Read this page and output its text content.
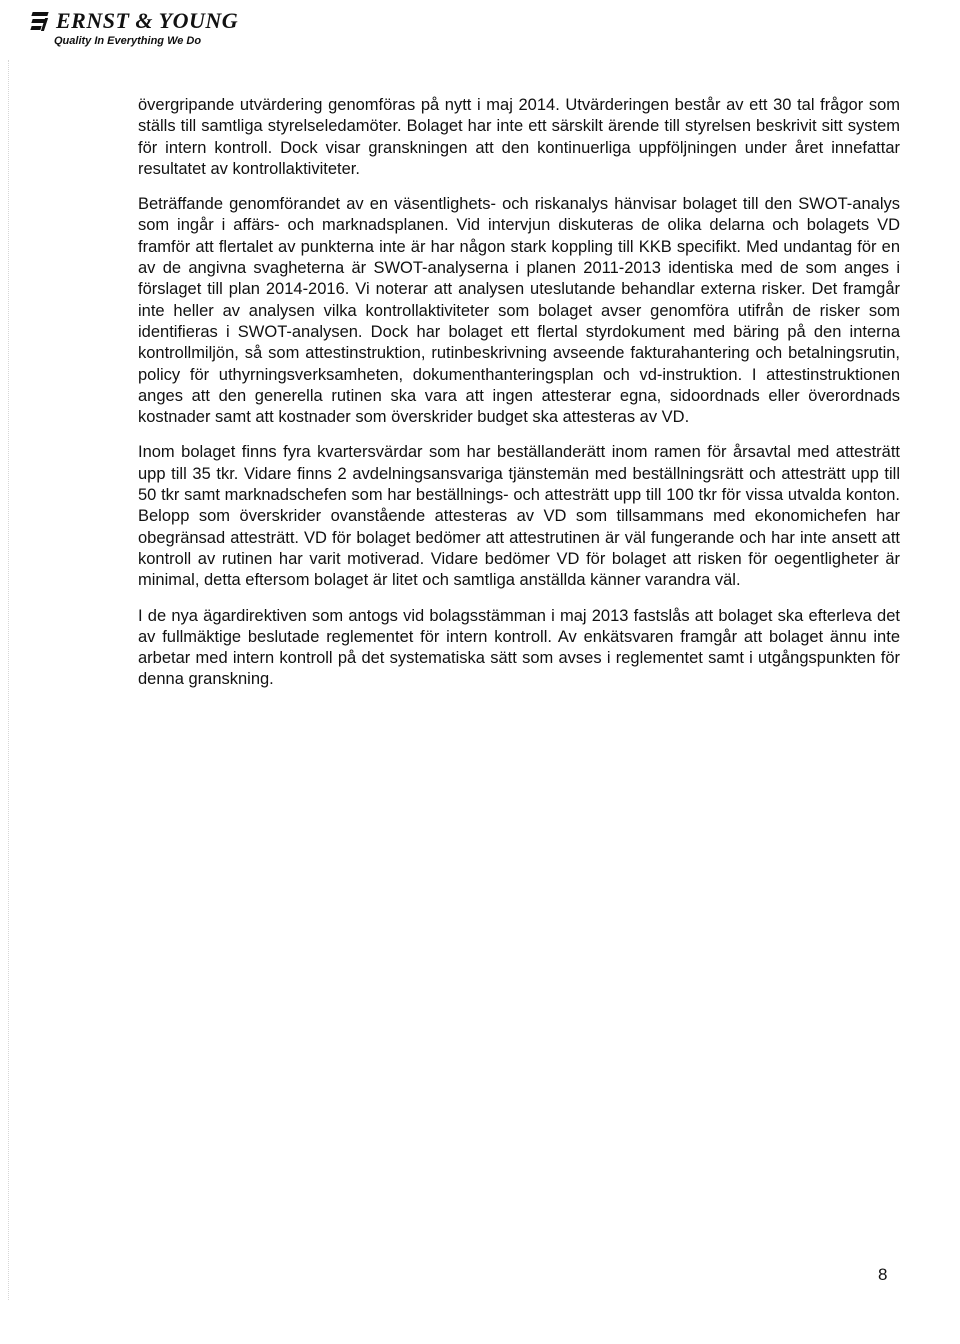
ERNST & YOUNG
Quality In Everything We Do

övergripande utvärdering genomföras på nytt i maj 2014. Utvärderingen består av ett 30 tal frågor som ställs till samtliga styrelseledamöter. Bolaget har inte ett särskilt ärende till styrelsen beskrivit sitt system för intern kontroll. Dock visar granskningen att den kontinuerliga uppföljningen under året innefattar resultatet av kontrollaktiviteter.

Beträffande genomförandet av en väsentlighets- och riskanalys hänvisar bolaget till den SWOT-analys som ingår i affärs- och marknadsplanen. Vid intervjun diskuteras de olika delarna och bolagets VD framför att flertalet av punkterna inte är har någon stark koppling till KKB specifikt. Med undantag för en av de angivna svagheterna är SWOT-analyserna i planen 2011-2013 identiska med de som anges i förslaget till plan 2014-2016. Vi noterar att analysen uteslutande behandlar externa risker. Det framgår inte heller av analysen vilka kontrollaktiviteter som bolaget avser genomföra utifrån de risker som identifieras i SWOT-analysen. Dock har bolaget ett flertal styrdokument med bäring på den interna kontrollmiljön, så som attestinstruktion, rutinbeskrivning avseende fakturahantering och betalningsrutin, policy för uthyrningsverksamheten, dokumenthanteringsplan och vd-instruktion. I attestinstruktionen anges att den generella rutinen ska vara att ingen attesterar egna, sidoordnads eller överordnads kostnader samt att kostnader som överskrider budget ska attesteras av VD.

Inom bolaget finns fyra kvartersvärdar som har beställanderätt inom ramen för årsavtal med attesträtt upp till 35 tkr. Vidare finns 2 avdelningsansvariga tjänstemän med beställningsrätt och attesträtt upp till 50 tkr samt marknadschefen som har beställnings- och attesträtt upp till 100 tkr för vissa utvalda konton. Belopp som överskrider ovanstående attesteras av VD som tillsammans med ekonomichefen har obegränsad attesträtt. VD för bolaget bedömer att attestrutinen är väl fungerande och har inte ansett att kontroll av rutinen har varit motiverad. Vidare bedömer VD för bolaget att risken för oegentligheter är minimal, detta eftersom bolaget är litet och samtliga anställda känner varandra väl.

I de nya ägardirektiven som antogs vid bolagsstämman i maj 2013 fastslås att bolaget ska efterleva det av fullmäktige beslutade reglementet för intern kontroll. Av enkätsvaren framgår att bolaget ännu inte arbetar med intern kontroll på det systematiska sätt som avses i reglementet samt i utgångspunkten för denna granskning.

8
